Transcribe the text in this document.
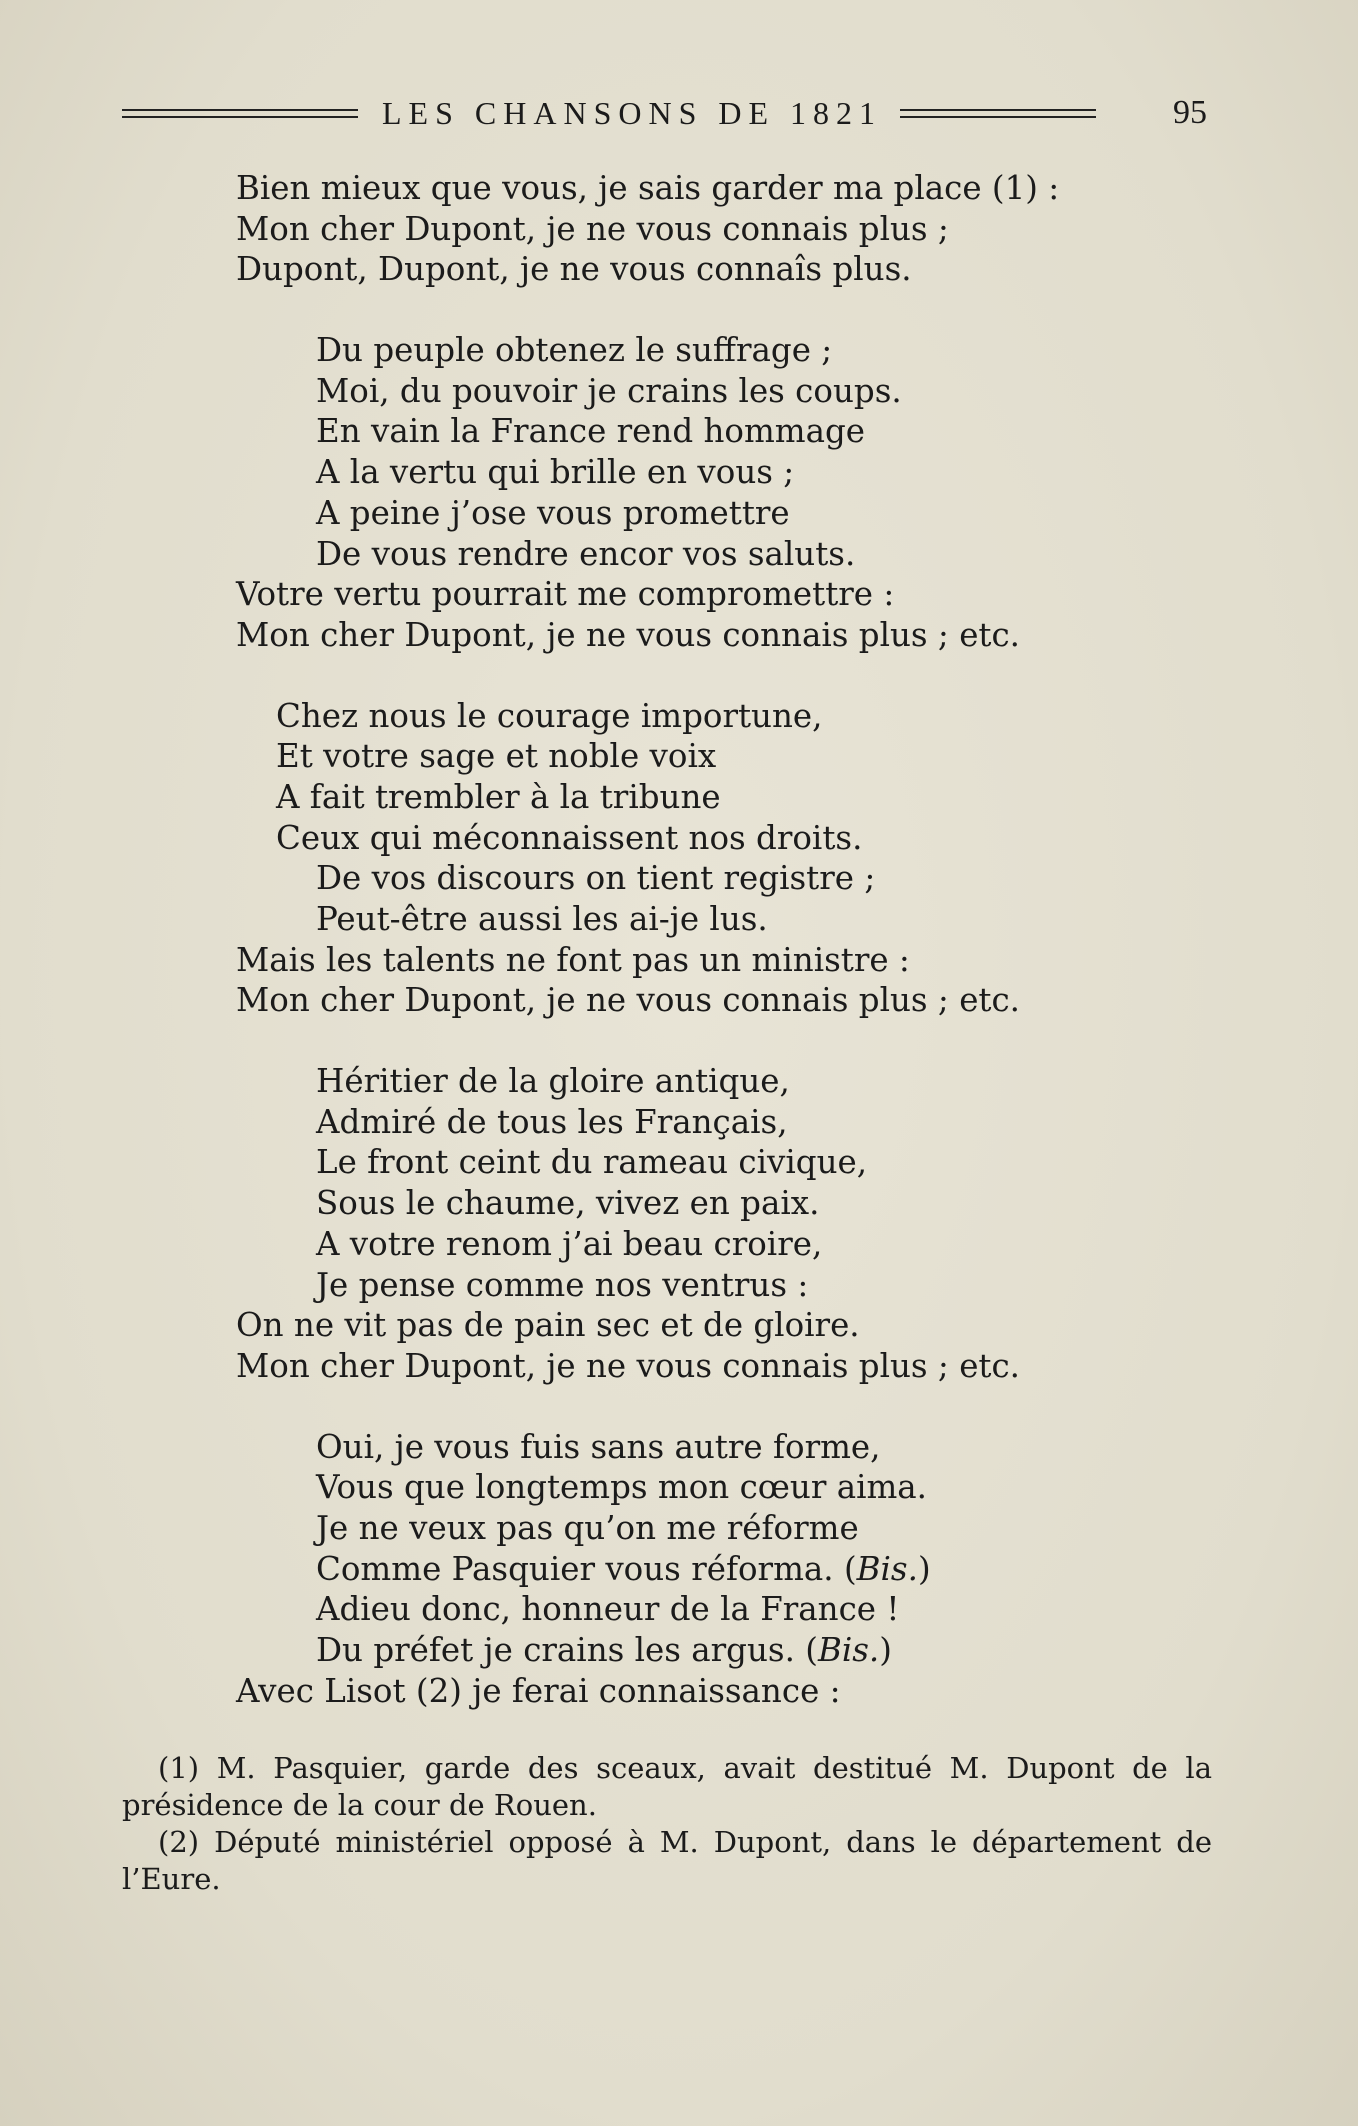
LES CHANSONS DE 1821	95
Bien mieux que vous, je sais garder ma place (1) :
Mon cher Dupont, je ne vous connais plus ;
Dupont, Dupont, je ne vous connaîs plus.
Du peuple obtenez le suffrage ;
Moi, du pouvoir je crains les coups.
En vain la France rend hommage
A la vertu qui brille en vous ;
A peine j’ose vous promettre
De vous rendre encor vos saluts.
Votre vertu pourrait me compromettre :
Mon cher Dupont, je ne vous connais plus ; etc.
Chez nous le courage importune,
Et votre sage et noble voix
A fait trembler à la tribune
Ceux qui méconnaissent nos droits.
De vos discours on tient registre ;
Peut-être aussi les ai-je lus.
Mais les talents ne font pas un ministre :
Mon cher Dupont, je ne vous connais plus ; etc.
Héritier de la gloire antique,
Admiré de tous les Français,
Le front ceint du rameau civique,
Sous le chaume, vivez en paix.
A votre renom j’ai beau croire,
Je pense comme nos ventrus :
On ne vit pas de pain sec et de gloire.
Mon cher Dupont, je ne vous connais plus ; etc.
Oui, je vous fuis sans autre forme,
Vous que longtemps mon cœur aima.
Je ne veux pas qu’on me réforme
Comme Pasquier vous réforma. (Bis.)
Adieu donc, honneur de la France !
Du préfet je crains les argus. (Bis.)
Avec Lisot (2) je ferai connaissance :
(1) M. Pasquier, garde des sceaux, avait destitué M. Dupont de la présidence de la cour de Rouen.
(2) Député ministériel opposé à M. Dupont, dans le département de l’Eure.
